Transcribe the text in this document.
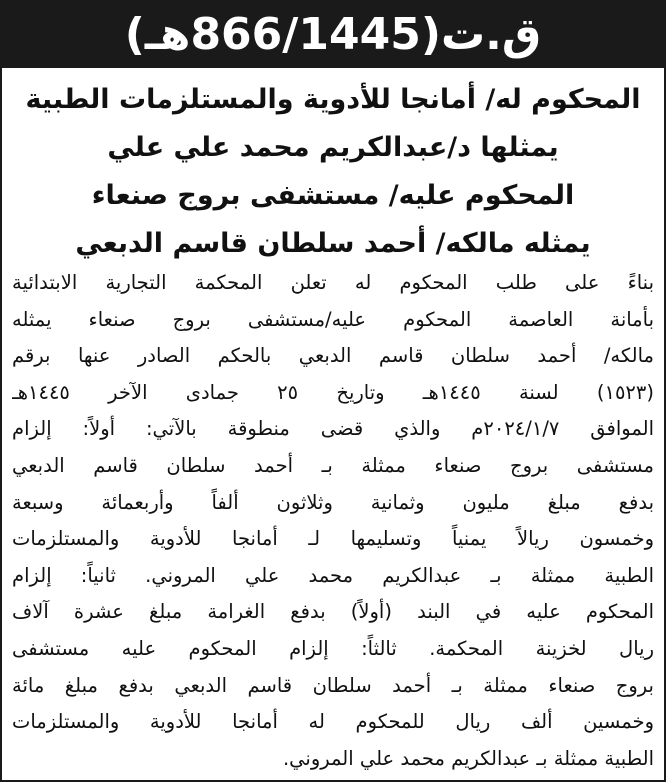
ق.ت(866/1445هـ)
المحكوم له/ أمانجا للأدوية والمستلزمات الطبية
يمثلها د/عبدالكريم محمد علي علي
المحكوم عليه/ مستشفى بروج صنعاء
يمثله مالكه/ أحمد سلطان قاسم الدبعي
بناءً على طلب المحكوم له تعلن المحكمة التجارية الابتدائية
بأمانة العاصمة المحكوم عليه/مستشفى بروج صنعاء يمثله
مالكه/ أحمد سلطان قاسم الدبعي بالحكم الصادر عنها برقم
(١٥٢٣) لسنة ١٤٤٥هـ وتاريخ ٢٥ جمادى الآخر ١٤٤٥هـ
الموافق ٢٠٢٤/١/٧م والذي قضى منطوقة بالآتي: أولاً: إلزام
مستشفى بروج صنعاء ممثلة بـ أحمد سلطان قاسم الدبعي
بدفع مبلغ مليون وثمانية وثلاثون ألفاً وأربعمائة وسبعة
وخمسون ريالاً يمنياً وتسليمها لـ أمانجا للأدوية والمستلزمات
الطبية ممثلة بـ عبدالكريم محمد علي المروني. ثانياً: إلزام
المحكوم عليه في البند (أولاً) بدفع الغرامة مبلغ عشرة آلاف
ريال لخزينة المحكمة. ثالثاً: إلزام المحكوم عليه مستشفى
بروج صنعاء ممثلة بـ أحمد سلطان قاسم الدبعي بدفع مبلغ مائة
وخمسين ألف ريال للمحكوم له أمانجا للأدوية والمستلزمات
الطبية ممثلة بـ عبدالكريم محمد علي المروني.
